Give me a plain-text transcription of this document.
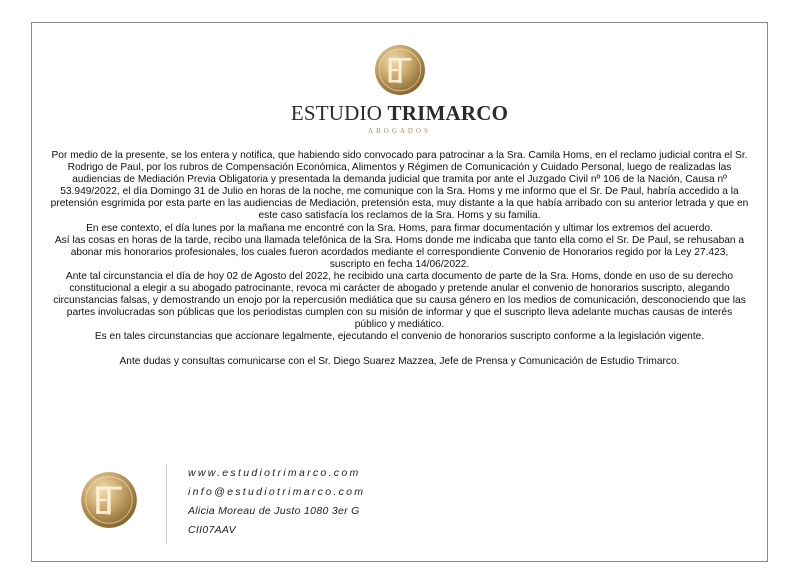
ESTUDIO TRIMARCO
ABOGADOS

Por medio de la presente, se los entera y notifica, que habiendo sido convocado para patrocinar a la Sra. Camila Homs, en el reclamo judicial contra el Sr. Rodrigo de Paul, por los rubros de Compensación Económica, Alimentos y Régimen de Comunicación y Cuidado Personal, luego de realizadas las audiencias de Mediación Previa Obligatoria y presentada la demanda judicial que tramita por ante el Juzgado Civil nº 106 de la Nación, Causa nº 53.949/2022, el día Domingo 31 de Julio en horas de la noche, me comunique con la Sra. Homs y me informo que el Sr. De Paul, habría accedido a la pretensión esgrimida por esta parte en las audiencias de Mediación, pretensión esta, muy distante a la que había arribado con su anterior letrada y que en este caso satisfacía los reclamos de la Sra. Homs y su familia.

En ese contexto, el día lunes por la mañana me encontré con la Sra. Homs, para firmar documentación y ultimar los extremos del acuerdo.

Así las cosas en horas de la tarde, recibo una llamada telefónica de la Sra. Homs donde me indicaba que tanto ella como el Sr. De Paul, se rehusaban a abonar mis honorarios profesionales, los cuales fueron acordados mediante el correspondiente Convenio de Honorarios regido por la Ley 27.423, suscripto en fecha 14/06/2022.

Ante tal circunstancia el día de hoy 02 de Agosto del 2022, he recibido una carta documento de parte de la Sra. Homs, donde en uso de su derecho constitucional a elegir a su abogado patrocinante, revoca mi carácter de abogado y pretende anular el convenio de honorarios suscripto, alegando circunstancias falsas, y demostrando un enojo por la repercusión mediática que su causa género en los medios de comunicación, desconociendo que las partes involucradas son públicas que los periodistas cumplen con su misión de informar y que el suscripto lleva adelante muchas causas de interés público y mediático.

Es en tales circunstancias que accionare legalmente, ejecutando el convenio de honorarios suscripto conforme a la legislación vigente.

Ante dudas y consultas comunicarse con el Sr. Diego Suarez Mazzea, Jefe de Prensa y Comunicación de Estudio Trimarco.

www.estudiotrimarco.com
info@estudiotrimarco.com
Alicia Moreau de Justo 1080 3er G
CII07AAV
